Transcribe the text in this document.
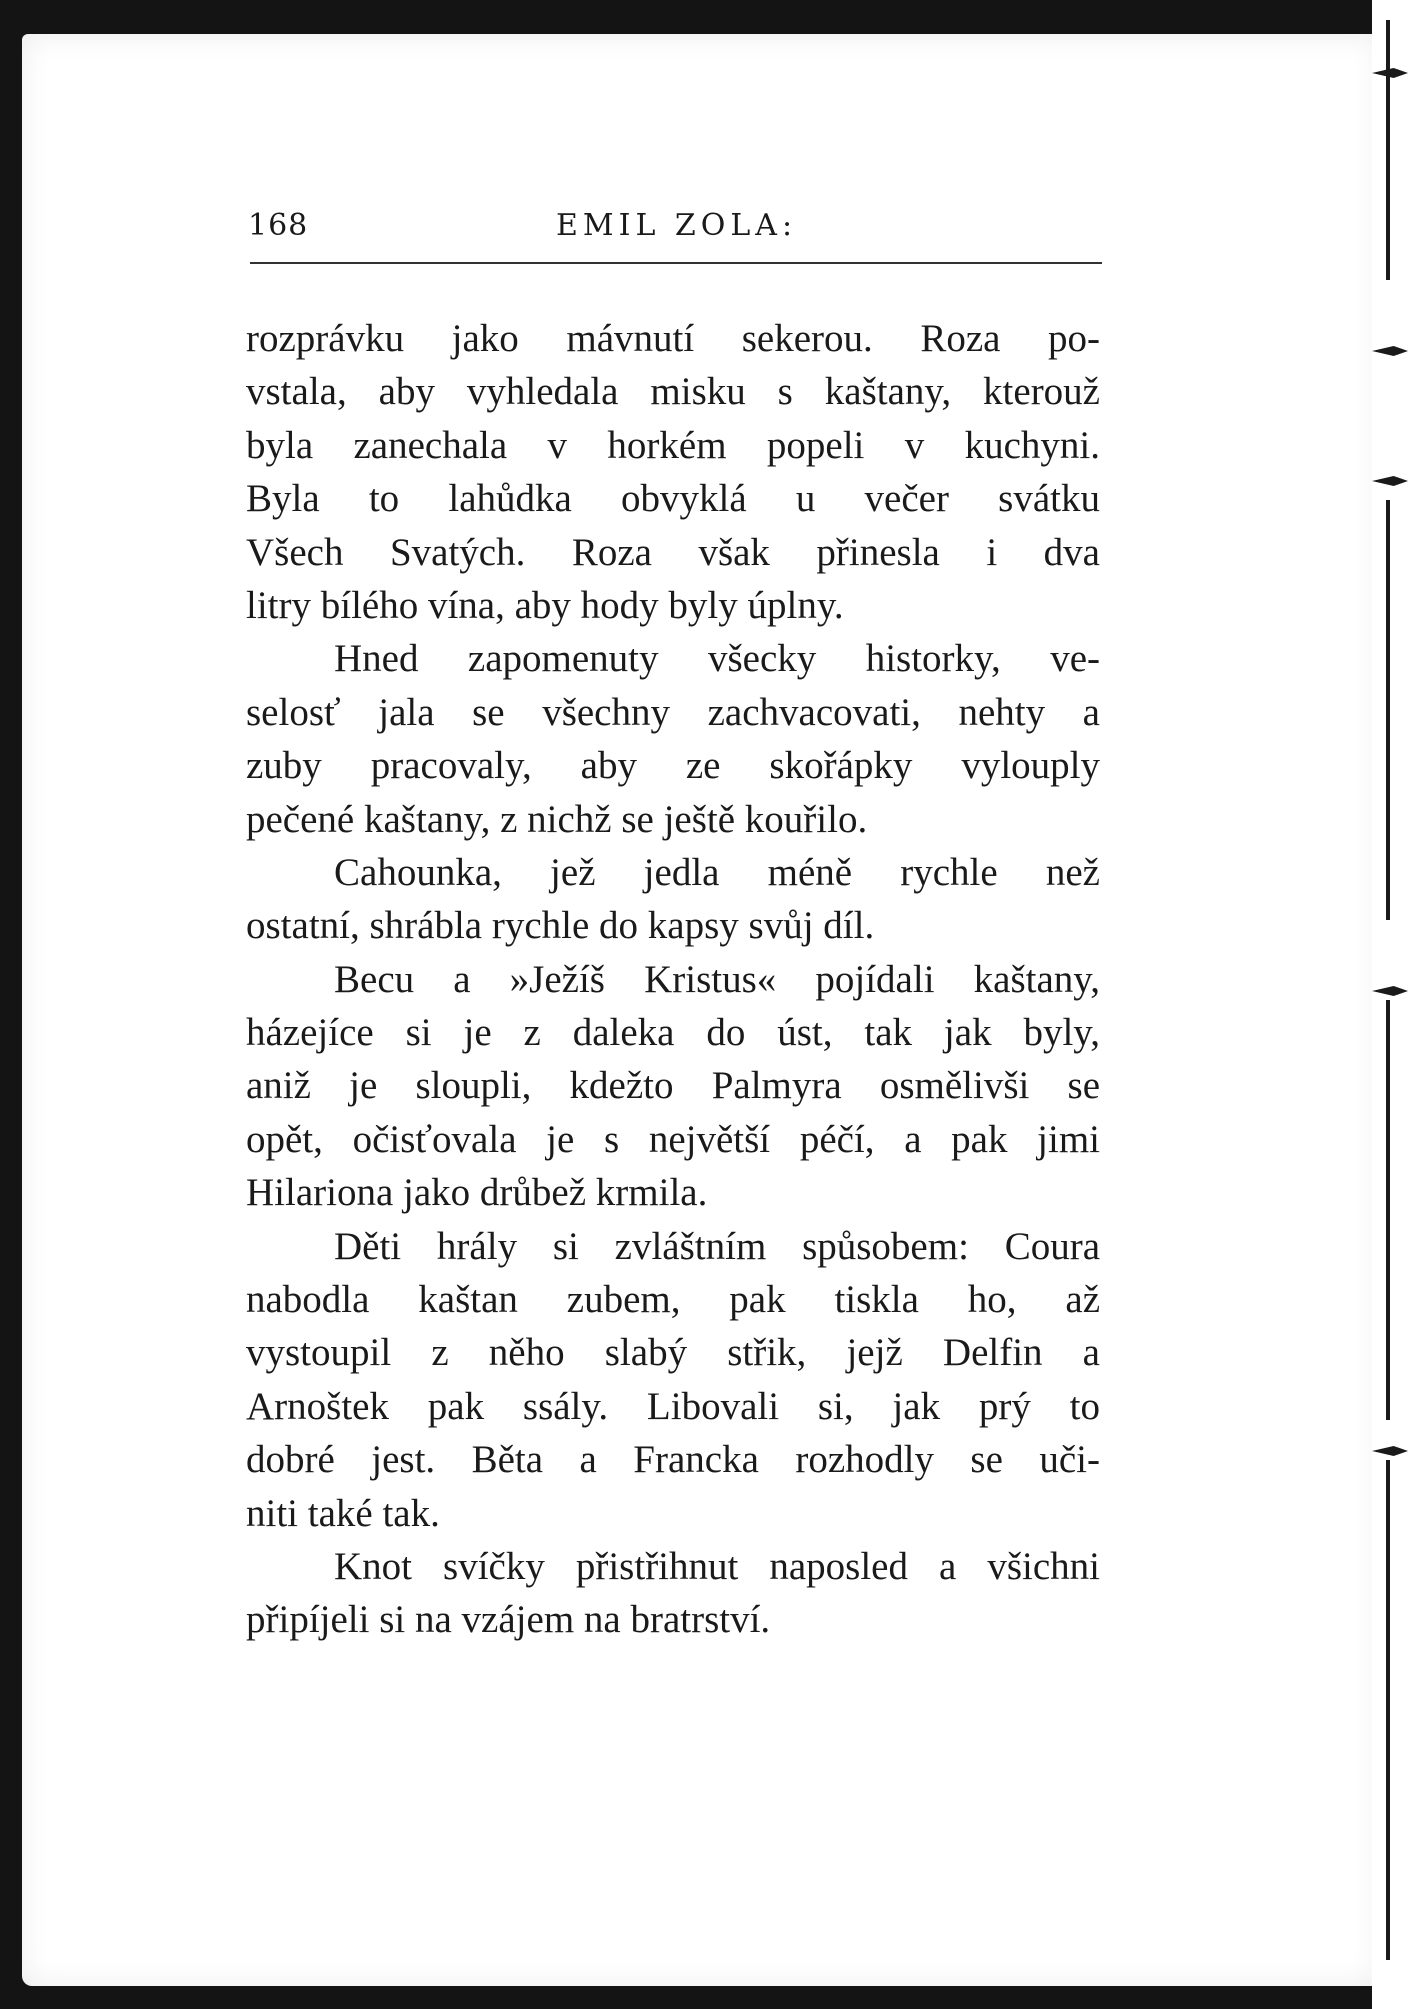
168	EMIL ZOLA:
rozprávku jako mávnutí sekerou. Roza po-
vstala, aby vyhledala misku s kaštany, kterouž
byla zanechala v horkém popeli v kuchyni.
Byla to lahůdka obvyklá u večer svátku
Všech Svatých. Roza však přinesla i dva
litry bílého vína, aby hody byly úplny.
Hned zapomenuty všecky historky, ve-
selosť jala se všechny zachvacovati, nehty a
zuby pracovaly, aby ze skořápky vylouply
pečené kaštany, z nichž se ještě kouřilo.
Cahounka, jež jedla méně rychle než
ostatní, shrábla rychle do kapsy svůj díl.
Becu a »Ježíš Kristus« pojídali kaštany,
házejíce si je z daleka do úst, tak jak byly,
aniž je sloupli, kdežto Palmyra osmělivši se
opět, očisťovala je s největší péčí, a pak jimi
Hilariona jako drůbež krmila.
Děti hrály si zvláštním spůsobem: Coura
nabodla kaštan zubem, pak tiskla ho, až
vystoupil z něho slabý střik, jejž Delfin a
Arnoštek pak ssály. Libovali si, jak prý to
dobré jest. Běta a Francka rozhodly se uči-
niti také tak.
Knot svíčky přistřihnut naposled a všichni
připíjeli si na vzájem na bratrství.
